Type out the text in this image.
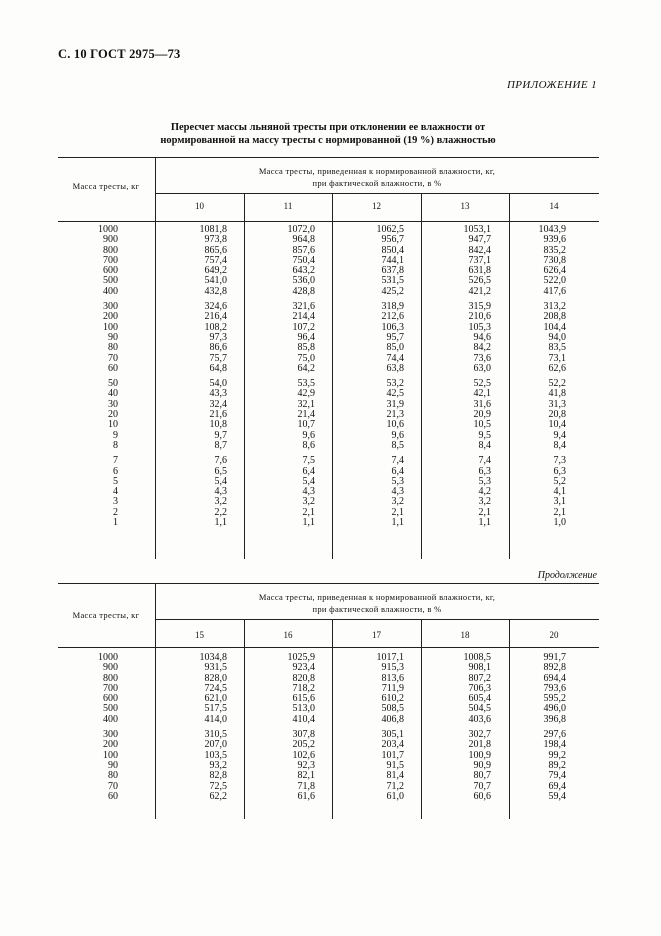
С. 10 ГОСТ 2975—73
ПРИЛОЖЕНИЕ 1
Пересчет массы льняной тресты при отклонении ее влажности от
нормированной на массу тресты с нормированной (19 %) влажностью
Масса тресты, кг
Масса тресты, приведенная к нормированной влажности, кг,
при фактической влажности, в %
10	11	12	13	14
1000	1081,8	1072,0	1062,5	1053,1	1043,9
900	973,8	964,8	956,7	947,7	939,6
800	865,6	857,6	850,4	842,4	835,2
700	757,4	750,4	744,1	737,1	730,8
600	649,2	643,2	637,8	631,8	626,4
500	541,0	536,0	531,5	526,5	522,0
400	432,8	428,8	425,2	421,2	417,6
300	324,6	321,6	318,9	315,9	313,2
200	216,4	214,4	212,6	210,6	208,8
100	108,2	107,2	106,3	105,3	104,4
90	97,3	96,4	95,7	94,6	94,0
80	86,6	85,8	85,0	84,2	83,5
70	75,7	75,0	74,4	73,6	73,1
60	64,8	64,2	63,8	63,0	62,6
50	54,0	53,5	53,2	52,5	52,2
40	43,3	42,9	42,5	42,1	41,8
30	32,4	32,1	31,9	31,6	31,3
20	21,6	21,4	21,3	20,9	20,8
10	10,8	10,7	10,6	10,5	10,4
9	9,7	9,6	9,6	9,5	9,4
8	8,7	8,6	8,5	8,4	8,4
7	7,6	7,5	7,4	7,4	7,3
6	6,5	6,4	6,4	6,3	6,3
5	5,4	5,4	5,3	5,3	5,2
4	4,3	4,3	4,3	4,2	4,1
3	3,2	3,2	3,2	3,2	3,1
2	2,2	2,1	2,1	2,1	2,1
1	1,1	1,1	1,1	1,1	1,0
Продолжение
Масса тресты, кг
Масса тресты, приведенная к нормированной влажности, кг,
при фактической влажности, в %
15	16	17	18	20
1000	1034,8	1025,9	1017,1	1008,5	991,7
900	931,5	923,4	915,3	908,1	892,8
800	828,0	820,8	813,6	807,2	694,4
700	724,5	718,2	711,9	706,3	793,6
600	621,0	615,6	610,2	605,4	595,2
500	517,5	513,0	508,5	504,5	496,0
400	414,0	410,4	406,8	403,6	396,8
300	310,5	307,8	305,1	302,7	297,6
200	207,0	205,2	203,4	201,8	198,4
100	103,5	102,6	101,7	100,9	99,2
90	93,2	92,3	91,5	90,9	89,2
80	82,8	82,1	81,4	80,7	79,4
70	72,5	71,8	71,2	70,7	69,4
60	62,2	61,6	61,0	60,6	59,4
